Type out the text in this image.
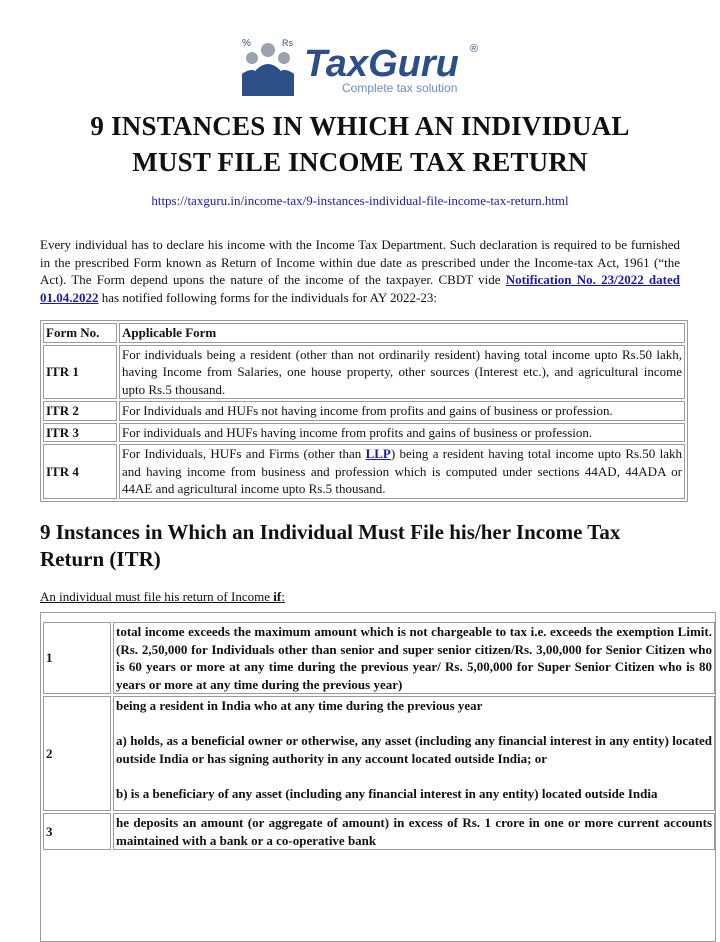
%	Rs TaxGuru ®
Complete tax solution
9 INSTANCES IN WHICH AN INDIVIDUAL
MUST FILE INCOME TAX RETURN
https://taxguru.in/income-tax/9-instances-individual-file-income-tax-return.html
Every individual has to declare his income with the Income Tax Department. Such declaration is required to be furnished in the prescribed Form known as Return of Income within due date as prescribed under the Income-tax Act, 1961 (“the Act). The Form depend upons the nature of the income of the taxpayer. CBDT vide Notification No. 23/2022 dated 01.04.2022 has notified following forms for the individuals for AY 2022-23:
Form No.	Applicable Form
ITR 1	For individuals being a resident (other than not ordinarily resident) having total income upto Rs.50 lakh, having Income from Salaries, one house property, other sources (Interest etc.), and agricultural income upto Rs.5 thousand.
ITR 2	For Individuals and HUFs not having income from profits and gains of business or profession.
ITR 3	For individuals and HUFs having income from profits and gains of business or profession.
ITR 4	For Individuals, HUFs and Firms (other than LLP) being a resident having total income upto Rs.50 lakh and having income from business and profession which is computed under sections 44AD, 44ADA or 44AE and agricultural income upto Rs.5 thousand.
9 Instances in Which an Individual Must File his/her Income Tax Return (ITR)
An individual must file his return of Income if:
1	total income exceeds the maximum amount which is not chargeable to tax i.e. exceeds the exemption Limit. (Rs. 2,50,000 for Individuals other than senior and super senior citizen/Rs. 3,00,000 for Senior Citizen who is 60 years or more at any time during the previous year/ Rs. 5,00,000 for Super Senior Citizen who is 80 years or more at any time during the previous year)
2	being a resident in India who at any time during the previous year

a) holds, as a beneficial owner or otherwise, any asset (including any financial interest in any entity) located outside India or has signing authority in any account located outside India; or

b) is a beneficiary of any asset (including any financial interest in any entity) located outside India

3	he deposits an amount (or aggregate of amount) in excess of Rs. 1 crore in one or more current accounts maintained with a bank or a co-operative bank
